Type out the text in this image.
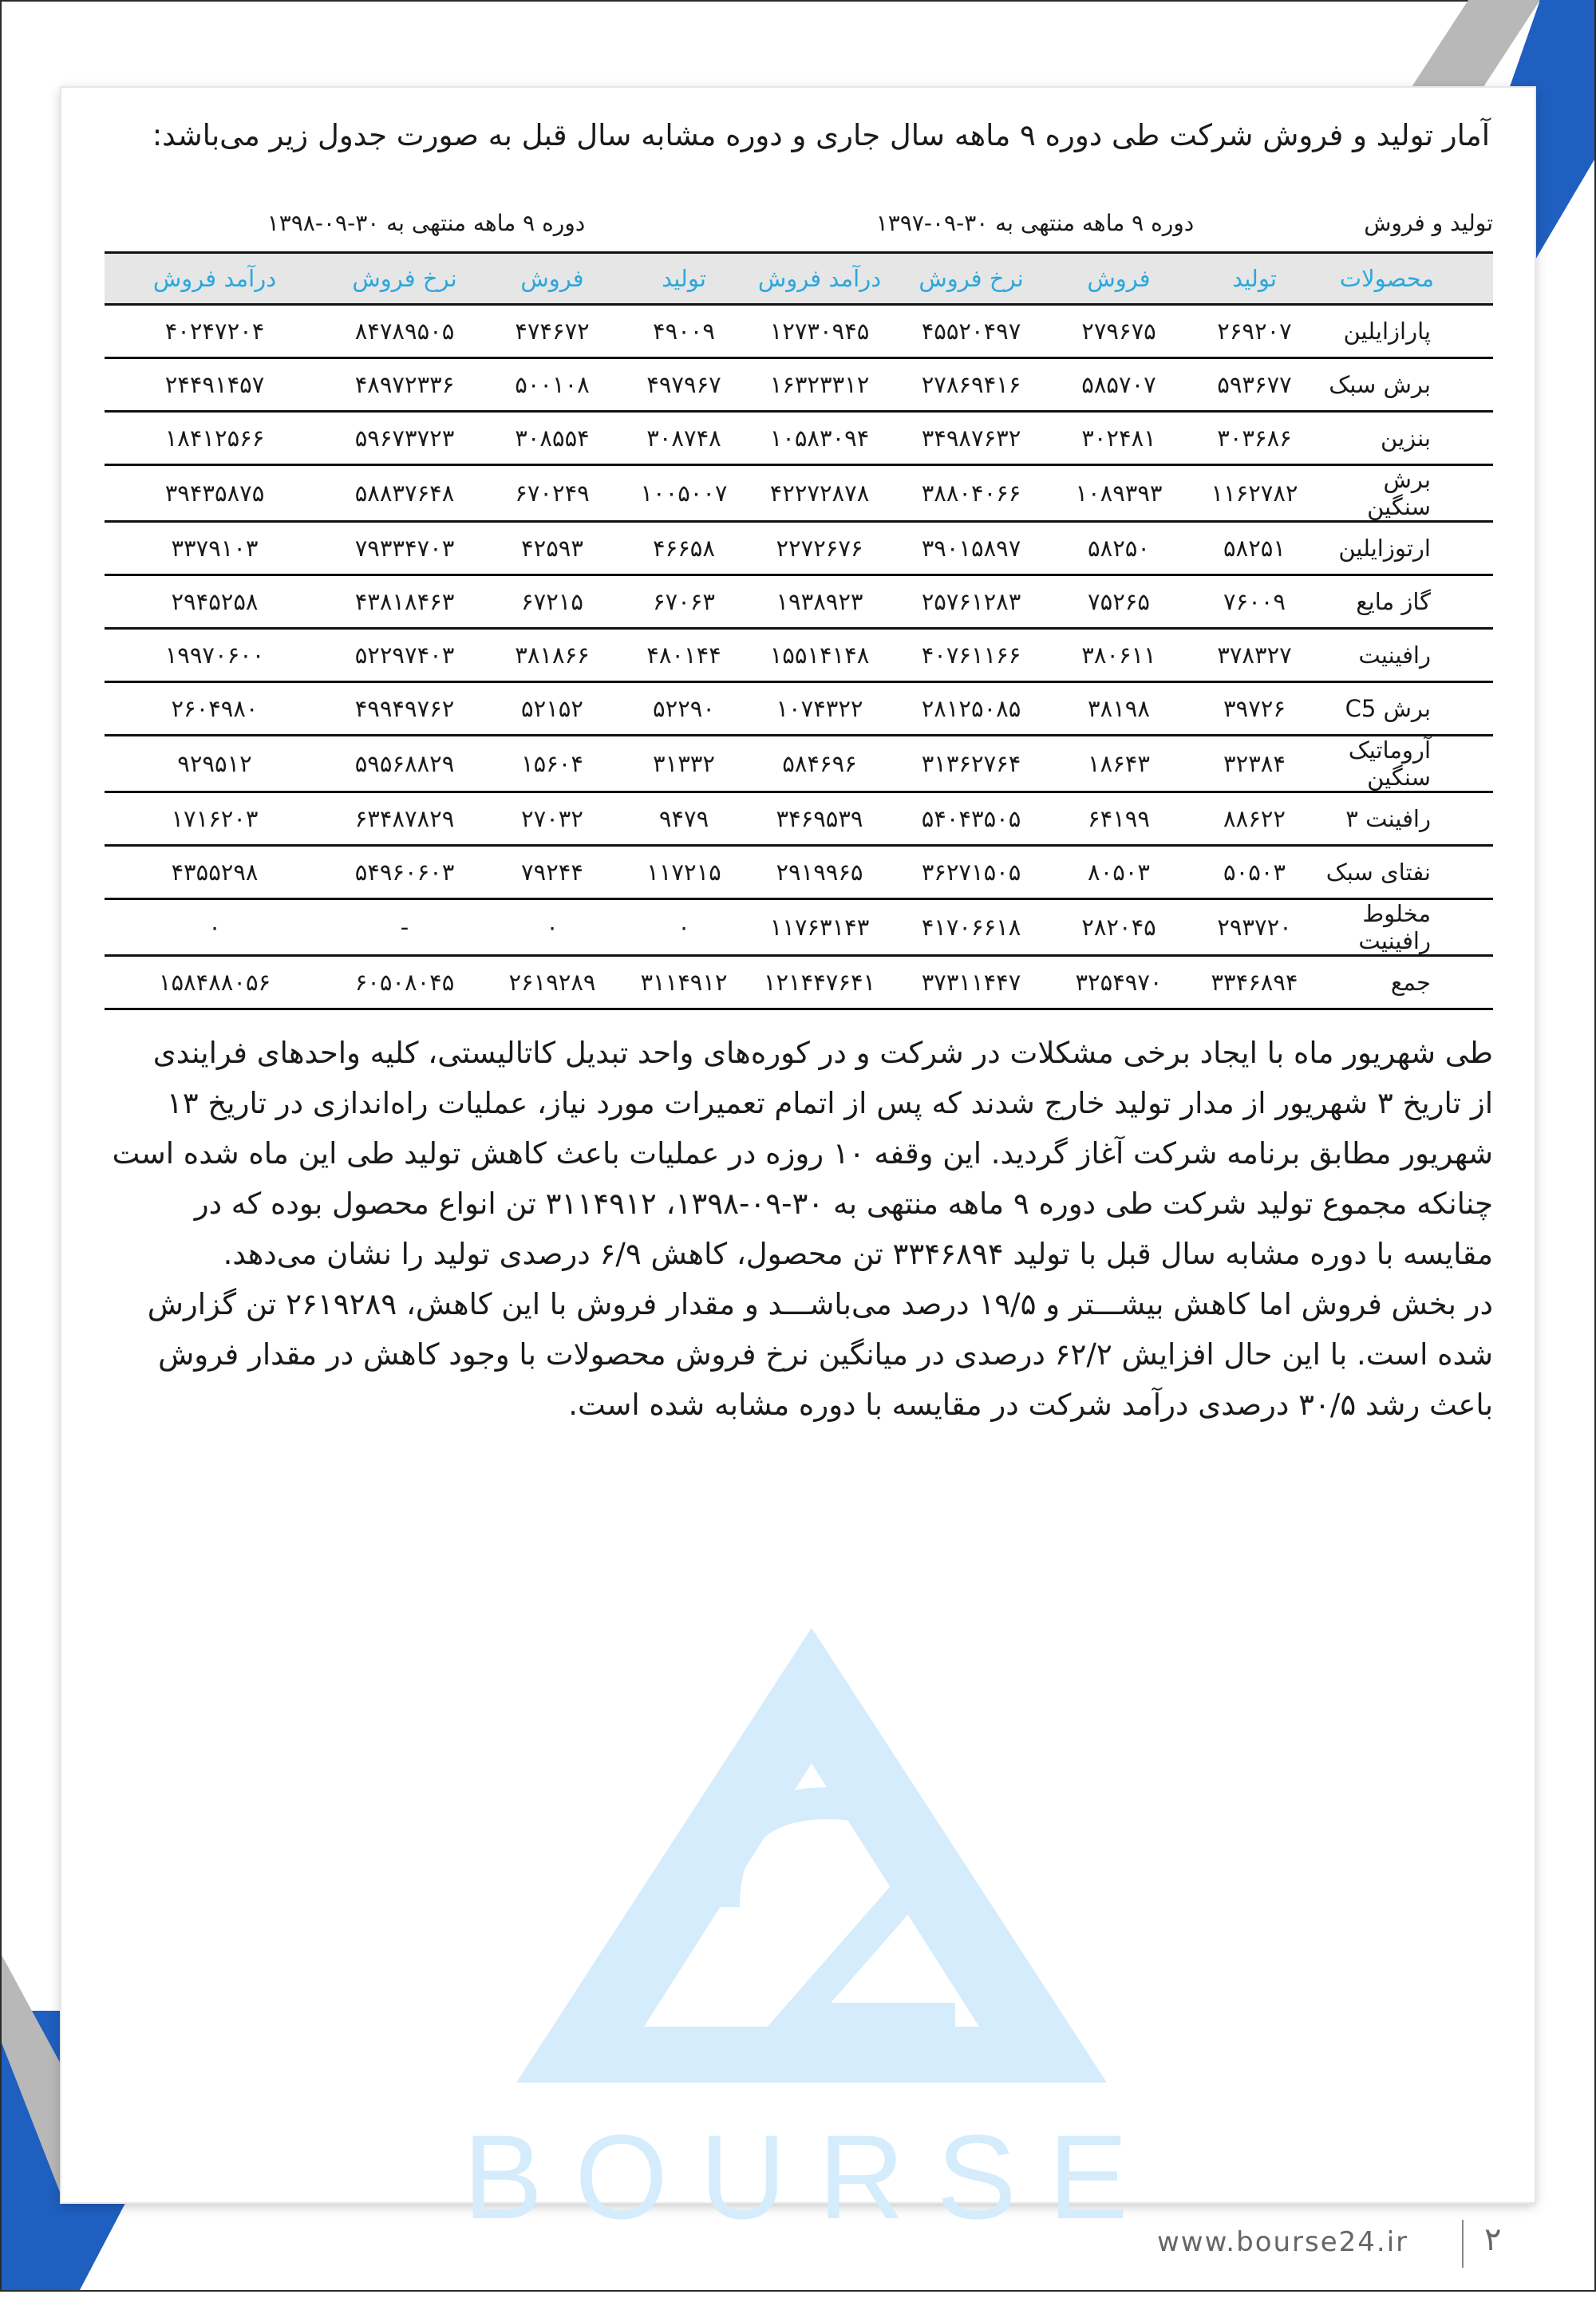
آمار تولید و فروش شرکت طی دوره ۹ ماهه سال جاری و دوره مشابه سال قبل به صورت جدول زیر می‌باشد:
تولید و فروش
دوره ۹ ماهه منتهی به ۳۰-۰۹-۱۳۹۷
دوره ۹ ماهه منتهی به ۳۰-۰۹-۱۳۹۸
محصولات	تولید	فروش	نرخ فروش	درآمد فروش	تولید	فروش	نرخ فروش	درآمد فروش
پارازایلین	۲۶۹۲۰۷	۲۷۹۶۷۵	۴۵۵۲۰۴۹۷	۱۲۷۳۰۹۴۵	۴۹۰۰۹	۴۷۴۶۷۲	۸۴۷۸۹۵۰۵	۴۰۲۴۷۲۰۴
برش سبک	۵۹۳۶۷۷	۵۸۵۷۰۷	۲۷۸۶۹۴۱۶	۱۶۳۲۳۳۱۲	۴۹۷۹۶۷	۵۰۰۱۰۸	۴۸۹۷۲۳۳۶	۲۴۴۹۱۴۵۷
بنزین	۳۰۳۶۸۶	۳۰۲۴۸۱	۳۴۹۸۷۶۳۲	۱۰۵۸۳۰۹۴	۳۰۸۷۴۸	۳۰۸۵۵۴	۵۹۶۷۳۷۲۳	۱۸۴۱۲۵۶۶
برش سنگین	۱۱۶۲۷۸۲	۱۰۸۹۳۹۳	۳۸۸۰۴۰۶۶	۴۲۲۷۲۸۷۸	۱۰۰۵۰۰۷	۶۷۰۲۴۹	۵۸۸۳۷۶۴۸	۳۹۴۳۵۸۷۵
ارتوزایلین	۵۸۲۵۱	۵۸۲۵۰	۳۹۰۱۵۸۹۷	۲۲۷۲۶۷۶	۴۶۶۵۸	۴۲۵۹۳	۷۹۳۳۴۷۰۳	۳۳۷۹۱۰۳
گاز مایع	۷۶۰۰۹	۷۵۲۶۵	۲۵۷۶۱۲۸۳	۱۹۳۸۹۲۳	۶۷۰۶۳	۶۷۲۱۵	۴۳۸۱۸۴۶۳	۲۹۴۵۲۵۸
رافینیت	۳۷۸۳۲۷	۳۸۰۶۱۱	۴۰۷۶۱۱۶۶	۱۵۵۱۴۱۴۸	۴۸۰۱۴۴	۳۸۱۸۶۶	۵۲۲۹۷۴۰۳	۱۹۹۷۰۶۰۰
برش C5	۳۹۷۲۶	۳۸۱۹۸	۲۸۱۲۵۰۸۵	۱۰۷۴۳۲۲	۵۲۲۹۰	۵۲۱۵۲	۴۹۹۴۹۷۶۲	۲۶۰۴۹۸۰
آروماتیک سنگین	۳۲۳۸۴	۱۸۶۴۳	۳۱۳۶۲۷۶۴	۵۸۴۶۹۶	۳۱۳۳۲	۱۵۶۰۴	۵۹۵۶۸۸۲۹	۹۲۹۵۱۲
رافینت ۳	۸۸۶۲۲	۶۴۱۹۹	۵۴۰۴۳۵۰۵	۳۴۶۹۵۳۹	۹۴۷۹	۲۷۰۳۲	۶۳۴۸۷۸۲۹	۱۷۱۶۲۰۳
نفتای سبک	۵۰۵۰۳	۸۰۵۰۳	۳۶۲۷۱۵۰۵	۲۹۱۹۹۶۵	۱۱۷۲۱۵	۷۹۲۴۴	۵۴۹۶۰۶۰۳	۴۳۵۵۲۹۸
مخلوط رافینیت	۲۹۳۷۲۰	۲۸۲۰۴۵	۴۱۷۰۶۶۱۸	۱۱۷۶۳۱۴۳	۰	۰	-	۰
جمع	۳۳۴۶۸۹۴	۳۲۵۴۹۷۰	۳۷۳۱۱۴۴۷	۱۲۱۴۴۷۶۴۱	۳۱۱۴۹۱۲	۲۶۱۹۲۸۹	۶۰۵۰۸۰۴۵	۱۵۸۴۸۸۰۵۶
طی شهریور ماه با ایجاد برخی مشکلات در شرکت و در کوره‌های واحد تبدیل کاتالیستی، کلیه واحدهای فرایندی
از تاریخ ۳ شهریور از مدار تولید خارج شدند که پس از اتمام تعمیرات مورد نیاز، عملیات راه‌اندازی در تاریخ ۱۳
شهریور مطابق برنامه شرکت آغاز گردید. این وقفه ۱۰ روزه در عملیات باعث کاهش تولید طی این ماه شده است
چنانکه مجموع تولید شرکت طی دوره ۹ ماهه منتهی به ۳۰-۰۹-۱۳۹۸، ۳۱۱۴۹۱۲ تن انواع محصول بوده که در
مقایسه با دوره مشابه سال قبل با تولید ۳۳۴۶۸۹۴ تن محصول، کاهش ۶/۹ درصدی تولید را نشان می‌دهد.
در بخش فروش اما کاهش بیشـــتر و ۱۹/۵ درصد می‌باشـــد و مقدار فروش با این کاهش، ۲۶۱۹۲۸۹ تن گزارش
شده است. با این حال افزایش ۶۲/۲ درصدی در میانگین نرخ فروش محصولات با وجود کاهش در مقدار فروش
باعث رشد ۳۰/۵ درصدی درآمد شرکت در مقایسه با دوره مشابه شده است.
BOURSE
www.bourse24.ir ۲
